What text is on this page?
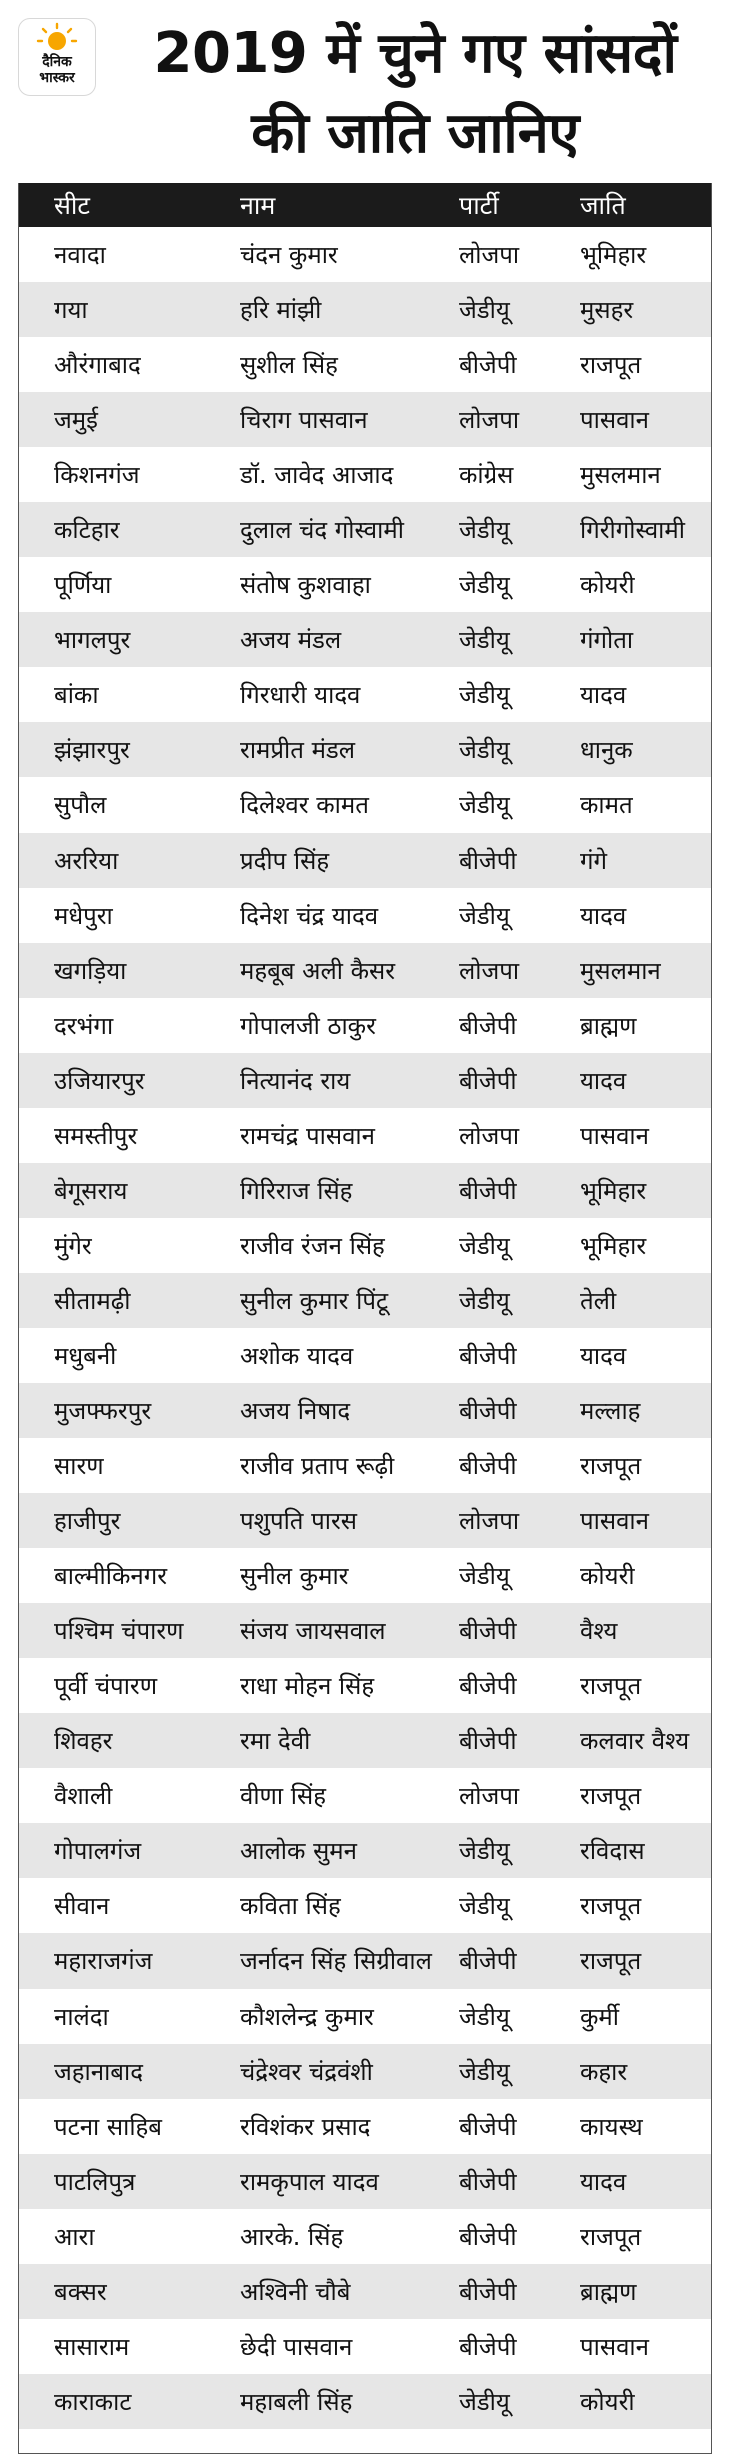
दैनिक
भास्कर	2019 में चुने गए सांसदों
की जाति जानिए
सीट	नाम	पार्टी	जाति
नवादा	चंदन कुमार	लोजपा	भूमिहार
गया	हरि मांझी	जेडीयू	मुसहर
औरंगाबाद	सुशील सिंह	बीजेपी	राजपूत
जमुई	चिराग पासवान	लोजपा	पासवान
किशनगंज	डॉ. जावेद आजाद	कांग्रेस	मुसलमान
कटिहार	दुलाल चंद गोस्वामी	जेडीयू	गिरीगोस्वामी
पूर्णिया	संतोष कुशवाहा	जेडीयू	कोयरी
भागलपुर	अजय मंडल	जेडीयू	गंगोता
बांका	गिरधारी यादव	जेडीयू	यादव
झंझारपुर	रामप्रीत मंडल	जेडीयू	धानुक
सुपौल	दिलेश्वर कामत	जेडीयू	कामत
अररिया	प्रदीप सिंह	बीजेपी	गंगे
मधेपुरा	दिनेश चंद्र यादव	जेडीयू	यादव
खगड़िया	महबूब अली कैसर	लोजपा	मुसलमान
दरभंगा	गोपालजी ठाकुर	बीजेपी	ब्राह्मण
उजियारपुर	नित्यानंद राय	बीजेपी	यादव
समस्तीपुर	रामचंद्र पासवान	लोजपा	पासवान
बेगूसराय	गिरिराज सिंह	बीजेपी	भूमिहार
मुंगेर	राजीव रंजन सिंह	जेडीयू	भूमिहार
सीतामढ़ी	सुनील कुमार पिंटू	जेडीयू	तेली
मधुबनी	अशोक यादव	बीजेपी	यादव
मुजफ्फरपुर	अजय निषाद	बीजेपी	मल्लाह
सारण	राजीव प्रताप रूढ़ी	बीजेपी	राजपूत
हाजीपुर	पशुपति पारस	लोजपा	पासवान
बाल्मीकिनगर	सुनील कुमार	जेडीयू	कोयरी
पश्चिम चंपारण	संजय जायसवाल	बीजेपी	वैश्य
पूर्वी चंपारण	राधा मोहन सिंह	बीजेपी	राजपूत
शिवहर	रमा देवी	बीजेपी	कलवार वैश्य
वैशाली	वीणा सिंह	लोजपा	राजपूत
गोपालगंज	आलोक सुमन	जेडीयू	रविदास
सीवान	कविता सिंह	जेडीयू	राजपूत
महाराजगंज	जर्नादन सिंह सिग्रीवाल	बीजेपी	राजपूत
नालंदा	कौशलेन्द्र कुमार	जेडीयू	कुर्मी
जहानाबाद	चंद्रेश्वर चंद्रवंशी	जेडीयू	कहार
पटना साहिब	रविशंकर प्रसाद	बीजेपी	कायस्थ
पाटलिपुत्र	रामकृपाल यादव	बीजेपी	यादव
आरा	आरके. सिंह	बीजेपी	राजपूत
बक्सर	अश्विनी चौबे	बीजेपी	ब्राह्मण
सासाराम	छेदी पासवान	बीजेपी	पासवान
काराकाट	महाबली सिंह	जेडीयू	कोयरी
